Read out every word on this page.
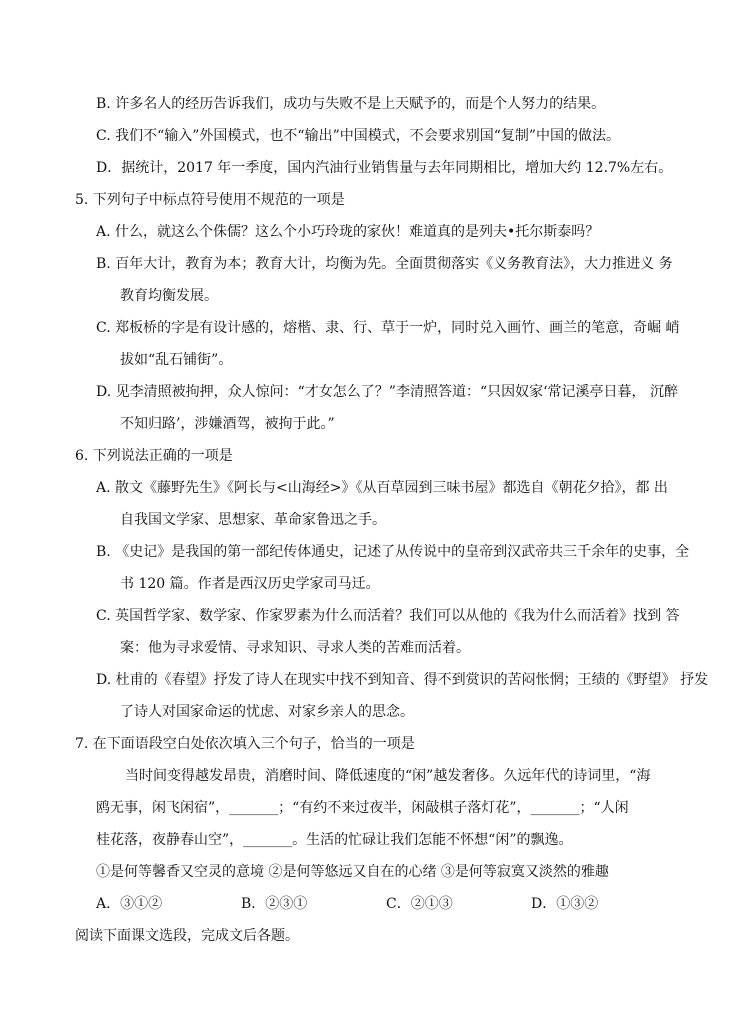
B. 许多名人的经历告诉我们，成功与失败不是上天赋予的，而是个人努力的结果。
C. 我们不“输入”外国模式，也不“输出”中国模式，不会要求别国“复制”中国的做法。
D．据统计，2017 年一季度，国内汽油行业销售量与去年同期相比，增加大约 12.7%左右。
5. 下列句子中标点符号使用不规范的一项是
A. 什么，就这么个侏儒？这么个小巧玲珑的家伙！难道真的是列夫•托尔斯泰吗？
B. 百年大计，教育为本；教育大计，均衡为先。全面贯彻落实《义务教育法》，大力推进义 务
教育均衡发展。
C. 郑板桥的字是有设计感的，熔楷、隶、行、草于一炉，同时兑入画竹、画兰的笔意，奇崛 峭
拔如“乱石铺街”。
D. 见李清照被拘押，众人惊问：“才女怎么了？”李清照答道：“只因奴家‘常记溪亭日暮， 沉醉
不知归路’，涉嫌酒驾，被拘于此。”
6. 下列说法正确的一项是
A. 散文《藤野先生》《阿长与<山海经>》《从百草园到三味书屋》都选自《朝花夕拾》，都 出
自我国文学家、思想家、革命家鲁迅之手。
B. 《史记》是我国的第一部纪传体通史，记述了从传说中的皇帝到汉武帝共三千余年的史事，全
书 120 篇。作者是西汉历史学家司马迁。
C. 英国哲学家、数学家、作家罗素为什么而活着？我们可以从他的《我为什么而活着》找到 答
案：他为寻求爱情、寻求知识、寻求人类的苦难而活着。
D. 杜甫的《春望》抒发了诗人在现实中找不到知音、得不到赏识的苦闷怅惘；王绩的《野望》 抒发
了诗人对国家命运的忧虑、对家乡亲人的思念。
7. 在下面语段空白处依次填入三个句子，恰当的一项是
当时间变得越发昂贵，消磨时间、降低速度的“闲”越发奢侈。久远年代的诗词里，“海
鸥无事，闲飞闲宿”，_______；“有约不来过夜半，闲敲棋子落灯花”，_______；“人闲
桂花落，夜静春山空”，_______。生活的忙碌让我们怎能不怀想“闲”的飘逸。
①是何等馨香又空灵的意境 ②是何等悠远又自在的心绪 ③是何等寂寞又淡然的雅趣
A．③①②	B．②③①	C．②①③	D．①③②
阅读下面课文选段，完成文后各题。
